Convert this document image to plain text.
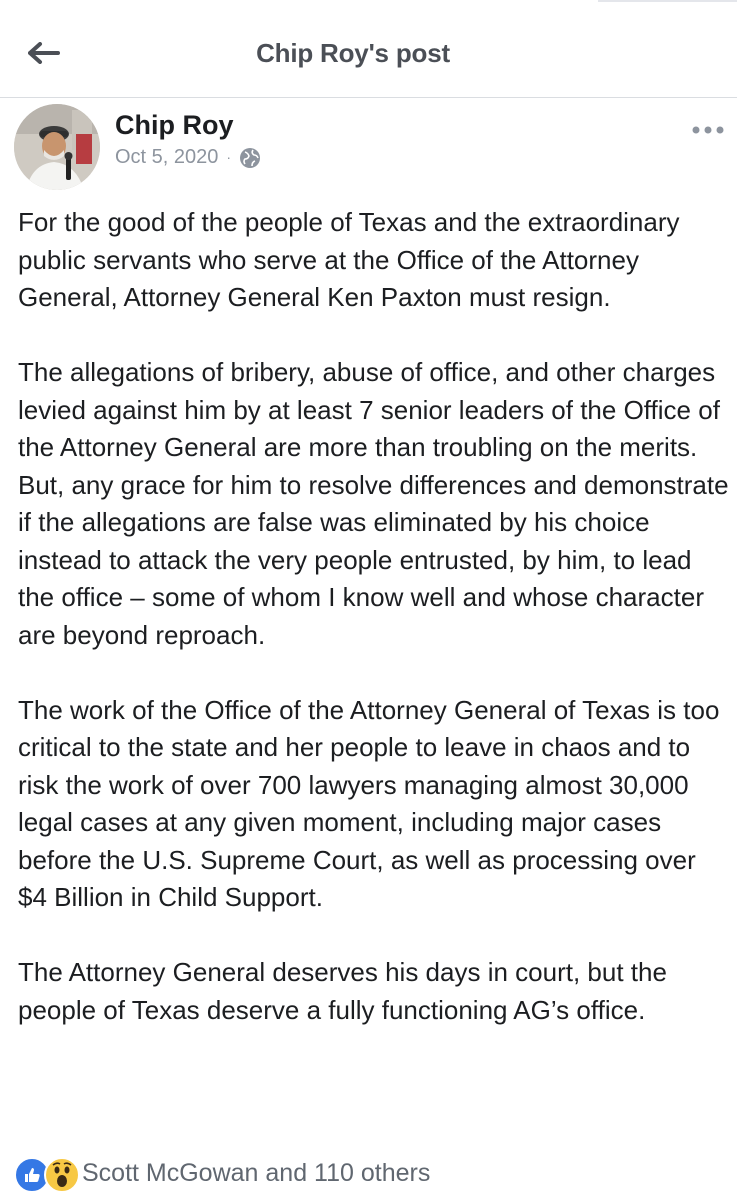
Chip Roy's post
Chip Roy
Oct 5, 2020 ·

For the good of the people of Texas and the extraordinary public servants who serve at the Office of the Attorney General, Attorney General Ken Paxton must resign.

The allegations of bribery, abuse of office, and other charges levied against him by at least 7 senior leaders of the Office of the Attorney General are more than troubling on the merits.  But, any grace for him to resolve differences and demonstrate if the allegations are false was eliminated by his choice instead to attack the very people entrusted, by him, to lead the office – some of whom I know well and whose character are beyond reproach.

The work of the Office of the Attorney General of Texas is too critical to the state and her people to leave in chaos and to risk the work of over 700 lawyers managing almost 30,000 legal cases at any given moment, including major cases before the U.S. Supreme Court, as well as processing over $4 Billion in Child Support.

The Attorney General deserves his days in court, but the people of Texas deserve a fully functioning AG’s office.

Scott McGowan and 110 others
